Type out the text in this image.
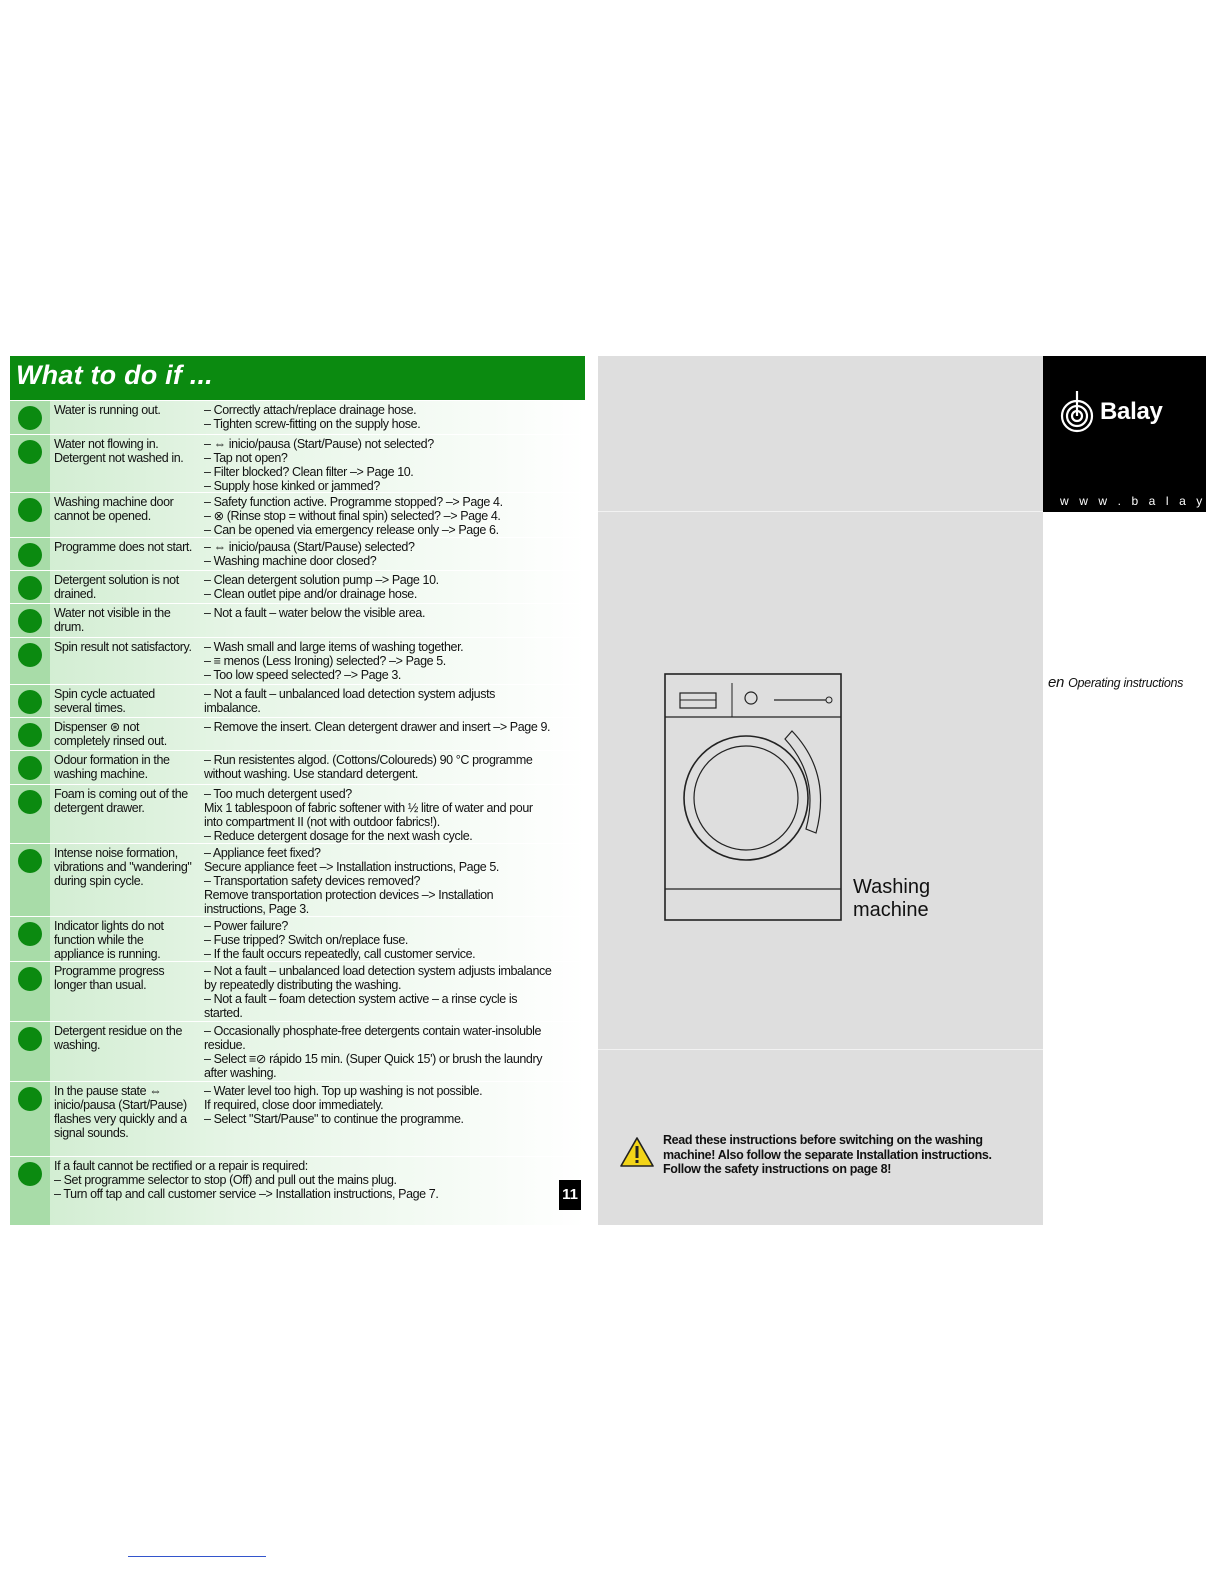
What to do if ...
Water is running out.	– Correctly attach/replace drainage hose.
– Tighten screw-fitting on the supply hose.
Water not flowing in. Detergent not washed in.
– ⇔ inicio/pausa (Start/Pause) not selected?
– Tap not open?
– Filter blocked? Clean filter –> Page 10.
– Supply hose kinked or jammed?
Washing machine door cannot be opened.
– Safety function active. Programme stopped? –> Page 4.
– ⊗ (Rinse stop = without final spin) selected? –> Page 4.
– Can be opened via emergency release only –> Page 6.
Programme does not start. – ⇔ inicio/pausa (Start/Pause) selected?
– Washing machine door closed?
Detergent solution is not drained.
– Clean detergent solution pump –> Page 10.
– Clean outlet pipe and/or drainage hose.
Water not visible in the drum.
– Not a fault – water below the visible area.
Spin result not satisfactory. – Wash small and large items of washing together.
– ≡ menos (Less Ironing) selected? –> Page 5.
– Too low speed selected? –> Page 3.
Spin cycle actuated several times.
– Not a fault – unbalanced load detection system adjusts
imbalance.
Dispenser ⊛ not completely rinsed out.
– Remove the insert. Clean detergent drawer and insert –> Page 9.
Odour formation in the washing machine.
– Run resistentes algod. (Cottons/Coloureds) 90 °C programme
without washing. Use standard detergent.
Foam is coming out of the detergent drawer.
– Too much detergent used?
Mix 1 tablespoon of fabric softener with ½ litre of water and pour
into compartment II (not with outdoor fabrics!).
– Reduce detergent dosage for the next wash cycle.
Intense noise formation, vibrations and "wandering" during spin cycle.
– Appliance feet fixed?
Secure appliance feet –> Installation instructions, Page 5.
– Transportation safety devices removed?
Remove transportation protection devices –> Installation
instructions, Page 3.
Indicator lights do not function while the appliance is running.
– Power failure?
– Fuse tripped? Switch on/replace fuse.
– If the fault occurs repeatedly, call customer service.
Programme progress longer than usual.
– Not a fault – unbalanced load detection system adjusts imbalance
by repeatedly distributing the washing.
– Not a fault – foam detection system active – a rinse cycle is
started.
Detergent residue on the washing.
– Occasionally phosphate-free detergents contain water-insoluble
residue.
– Select ≡⊘ rápido 15 min. (Super Quick 15') or brush the laundry
after washing.
In the pause state ⇔ inicio/pausa (Start/Pause) flashes very quickly and a signal sounds.
– Water level too high. Top up washing is not possible.
If required, close door immediately.
– Select "Start/Pause" to continue the programme.
If a fault cannot be rectified or a repair is required:
– Set programme selector to stop (Off) and pull out the mains plug.
– Turn off tap and call customer service –> Installation instructions, Page 7.	11
Balay
w w w . b a l a y . e s
en Operating instructions
Washing
machine
Read these instructions before switching on the washing
machine! Also follow the separate Installation instructions.
Follow the safety instructions on page 8!
